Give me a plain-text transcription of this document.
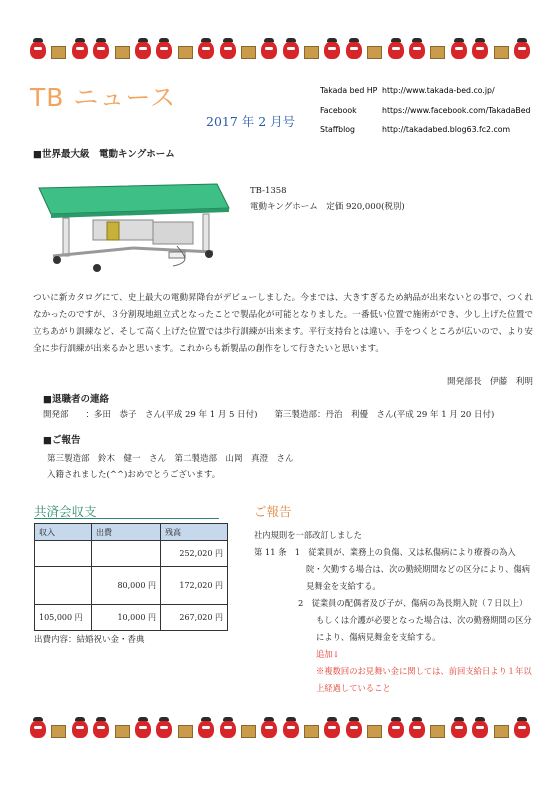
TB ニュース
2017 年 2 月号
Takada bed HP http://www.takada-bed.co.jp/
Facebook	https://www.facebook.com/TakadaBed
Staffblog	http://takadabed.blog63.fc2.com
■世界最大級　電動キングホーム
TB-1358
電動キングホーム　定価 920,000(税別)
ついに新カタログにて、史上最大の電動昇降台がデビューしました。今までは、大きすぎるため納品が出来ないとの事で、つくれなかったのですが、３分割現地組立式となったことで製品化が可能となりました。一番低い位置で施術ができ、少し上げた位置で立ちあがり訓練など、そして高く上げた位置では歩行訓練が出来ます。平行支持台とは違い、手をつくところが広いので、より安全に歩行訓練が出来るかと思います。これからも新製品の創作をして行きたいと思います。
開発部長　伊藤　利明
■退職者の連絡
開発部　　：多田　恭子　さん(平成 29 年 1 月 5 日付)　　第三製造部：丹治　利優　さん(平成 29 年 1 月 20 日付)
■ご報告
第三製造部　鈴木　健一　さん　第二製造部　山岡　真澄　さん
入籍されました(^^)おめでとうございます。
共済会収支
収入	出費	残高
		252,020 円
	80,000 円	172,020 円
105,000 円	10,000 円	267,020 円
出費内容：結婚祝い金・香典
ご報告
社内規則を一部改訂しました
第 11 条　1　従業員が、業務上の負傷、又は私傷病により療養の為入
院・欠勤する場合は、次の勤続期間などの区分により、傷病
見舞金を支給する。
2　従業員の配偶者及び子が、傷病の為長期入院（７日以上）
もしくは介護が必要となった場合は、次の勤務期間の区分
により、傷病見舞金を支給する。
追加↓
※複数回のお見舞い金に関しては、前回支給日より１年以
上経過していること
